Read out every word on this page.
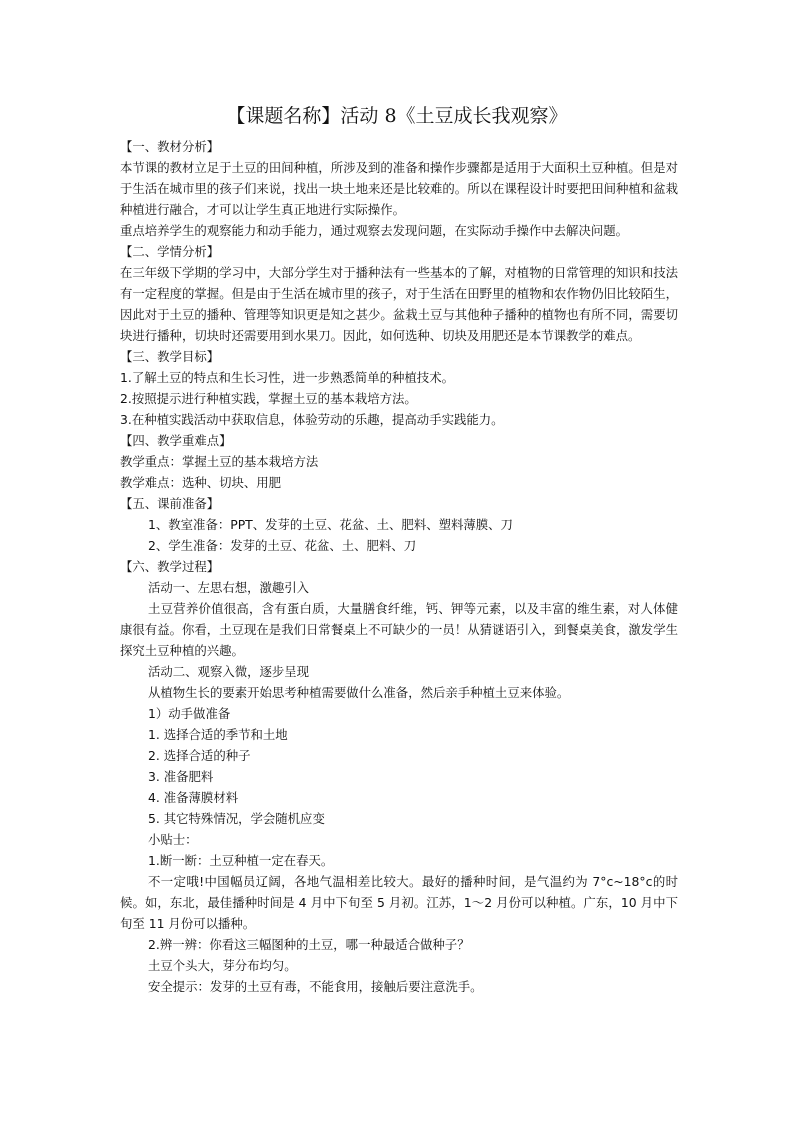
【课题名称】活动 8《土豆成长我观察》

【一、教材分析】

本节课的教材立足于土豆的田间种植，所涉及到的准备和操作步骤都是适用于大面积土豆种植。但是对于生活在城市里的孩子们来说，找出一块土地来还是比较难的。所以在课程设计时要把田间种植和盆栽种植进行融合，才可以让学生真正地进行实际操作。

重点培养学生的观察能力和动手能力，通过观察去发现问题，在实际动手操作中去解决问题。

【二、学情分析】

在三年级下学期的学习中，大部分学生对于播种法有一些基本的了解，对植物的日常管理的知识和技法有一定程度的掌握。但是由于生活在城市里的孩子，对于生活在田野里的植物和农作物仍旧比较陌生，因此对于土豆的播种、管理等知识更是知之甚少。盆栽土豆与其他种子播种的植物也有所不同，需要切块进行播种，切块时还需要用到水果刀。因此，如何选种、切块及用肥还是本节课教学的难点。

【三、教学目标】

1.了解土豆的特点和生长习性，进一步熟悉简单的种植技术。

2.按照提示进行种植实践，掌握土豆的基本栽培方法。

3.在种植实践活动中获取信息，体验劳动的乐趣，提高动手实践能力。

【四、教学重难点】

教学重点：掌握土豆的基本栽培方法

教学难点：选种、切块、用肥

【五、课前准备】

1、教室准备：PPT、发芽的土豆、花盆、土、肥料、塑料薄膜、刀

2、学生准备：发芽的土豆、花盆、土、肥料、刀

【六、教学过程】

活动一、左思右想，激趣引入

土豆营养价值很高，含有蛋白质，大量膳食纤维，钙、钾等元素，以及丰富的维生素，对人体健康很有益。你看，土豆现在是我们日常餐桌上不可缺少的一员！从猜谜语引入，到餐桌美食，激发学生探究土豆种植的兴趣。

活动二、观察入微，逐步呈现

从植物生长的要素开始思考种植需要做什么准备，然后亲手种植土豆来体验。

1）动手做准备

1. 选择合适的季节和土地

2. 选择合适的种子

3. 准备肥料

4. 准备薄膜材料

5. 其它特殊情况，学会随机应变

小贴士：

1.断一断：土豆种植一定在春天。

不一定哦!中国幅员辽阔，各地气温相差比较大。最好的播种时间，是气温约为 7°c~18°c的时候。如，东北，最佳播种时间是 4 月中下旬至 5 月初。江苏，1～2 月份可以种植。广东，10 月中下旬至 11 月份可以播种。

2.辨一辨：你看这三幅图种的土豆，哪一种最适合做种子？

土豆个头大，芽分布均匀。

安全提示：发芽的土豆有毒，不能食用，接触后要注意洗手。
